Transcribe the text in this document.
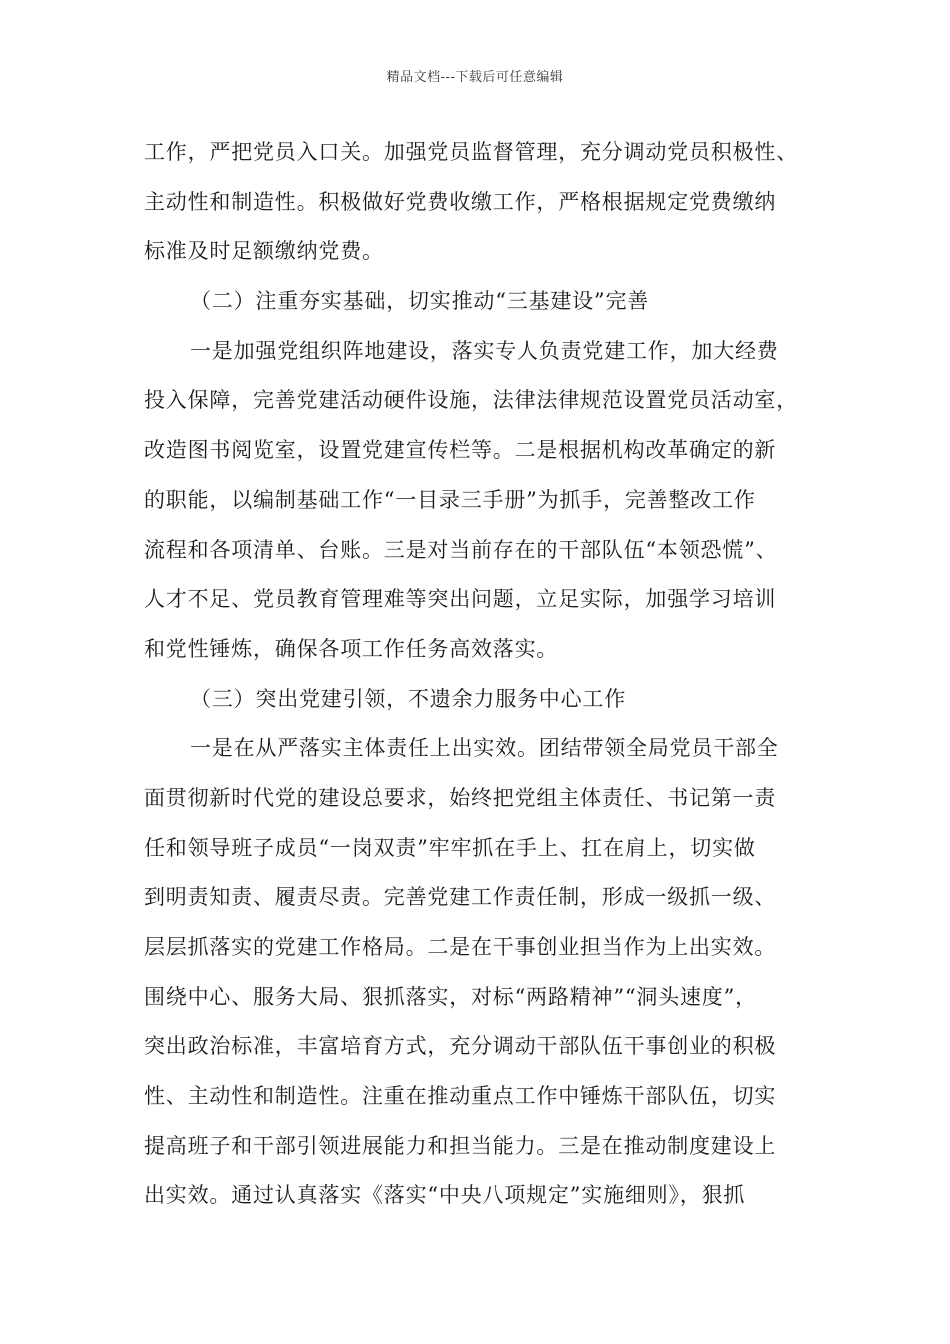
精品文档---下载后可任意编辑
工作，严把党员入口关。加强党员监督管理，充分调动党员积极性、
主动性和制造性。积极做好党费收缴工作，严格根据规定党费缴纳
标准及时足额缴纳党费。
（二）注重夯实基础，切实推动“三基建设”完善
一是加强党组织阵地建设，落实专人负责党建工作，加大经费
投入保障，完善党建活动硬件设施，法律法律规范设置党员活动室，
改造图书阅览室，设置党建宣传栏等。二是根据机构改革确定的新
的职能，以编制基础工作“一目录三手册”为抓手，完善整改工作
流程和各项清单、台账。三是对当前存在的干部队伍“本领恐慌”、
人才不足、党员教育管理难等突出问题，立足实际，加强学习培训
和党性锤炼，确保各项工作任务高效落实。
（三）突出党建引领，不遗余力服务中心工作
一是在从严落实主体责任上出实效。团结带领全局党员干部全
面贯彻新时代党的建设总要求，始终把党组主体责任、书记第一责
任和领导班子成员“一岗双责”牢牢抓在手上、扛在肩上，切实做
到明责知责、履责尽责。完善党建工作责任制，形成一级抓一级、
层层抓落实的党建工作格局。二是在干事创业担当作为上出实效。
围绕中心、服务大局、狠抓落实，对标“两路精神”“洞头速度”，
突出政治标准，丰富培育方式，充分调动干部队伍干事创业的积极
性、主动性和制造性。注重在推动重点工作中锤炼干部队伍，切实
提高班子和干部引领进展能力和担当能力。三是在推动制度建设上
出实效。通过认真落实《落实“中央八项规定”实施细则》，狠抓
